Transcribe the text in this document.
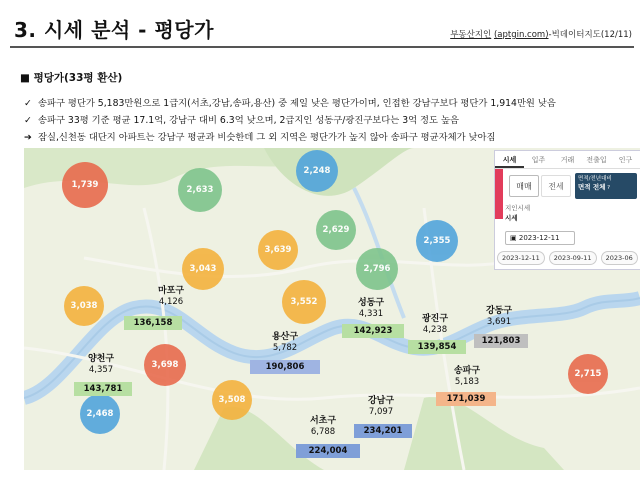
3. 시세 분석 - 평당가	부동산지인 (aptgin.com)-빅데이터지도(12/11)
■ 평당가(33평 환산)
✓ 송파구 평단가 5,183만원으로 1급지(서초,강남,송파,용산) 중 제일 낮은 평단가이며, 인접한 강남구보다 평단가 1,914만원 낮음
✓ 송파구 33평 기준 평균 17.1억, 강남구 대비 6.3억 낮으며, 2급지인 성동구/광진구보다는 3억 정도 높음
➔ 잠실,신천동 대단지 아파트는 강남구 평균과 비슷한데 그 외 지역은 평단가가 높지 않아 송파구 평균자체가 낮아짐
1,739	2,633
2,248
2,629
2,355
3,639
3,043	2,796
3,038	3,552
3,698
2,468
3,508
2,715
마포구
4,126
136,158
용산구
5,782
190,806
성동구
4,331
142,923
광진구
4,238
139,854
강동구
3,691
121,803
양천구
4,357
143,781
송파구
5,183
171,039
강남구
7,097
234,201
서초구
6,788
224,004
시세	입주	거래	전출입	인구
매매	전세
면적/전년대비
면적 전체 ?
지인시세
시세
▣ 2023-12-11
2023-12-11	2023-09-11	2023-06
